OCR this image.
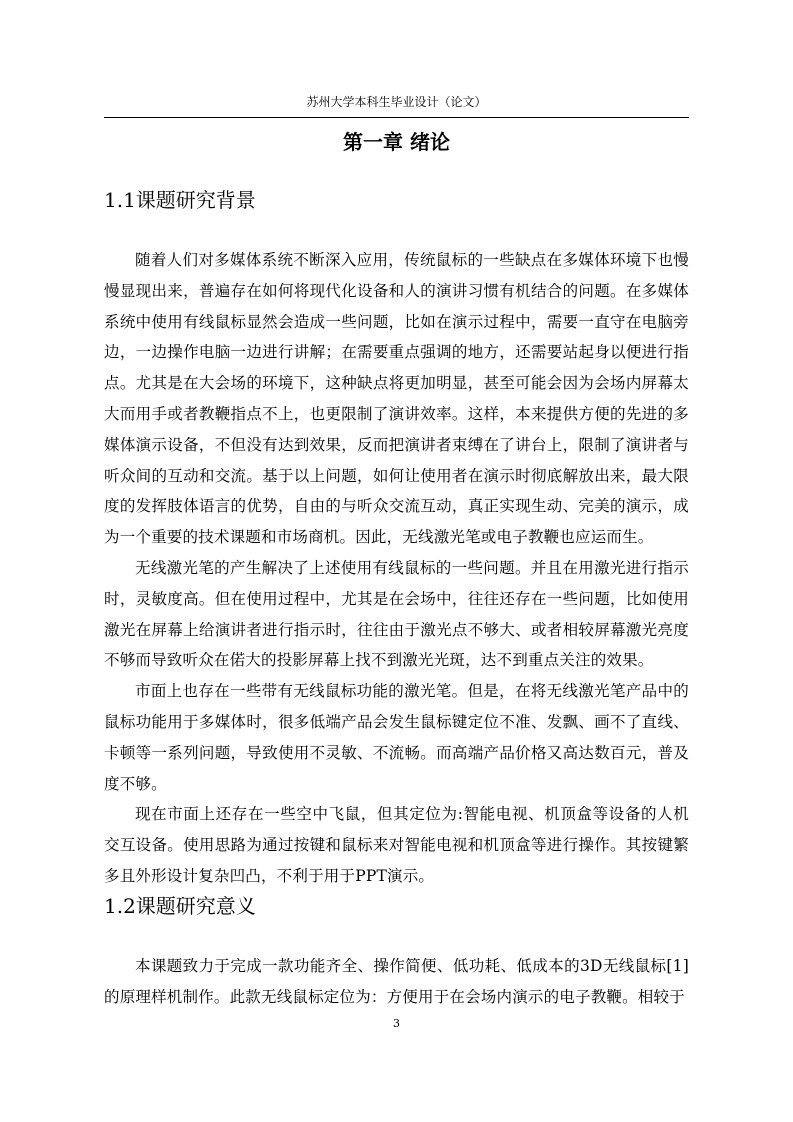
苏州大学本科生毕业设计（论文）
第一章 绪论
1.1课题研究背景

随着人们对多媒体系统不断深入应用，传统鼠标的一些缺点在多媒体环境下也慢慢显现出来，普遍存在如何将现代化设备和人的演讲习惯有机结合的问题。在多媒体系统中使用有线鼠标显然会造成一些问题，比如在演示过程中，需要一直守在电脑旁边，一边操作电脑一边进行讲解；在需要重点强调的地方，还需要站起身以便进行指点。尤其是在大会场的环境下，这种缺点将更加明显，甚至可能会因为会场内屏幕太大而用手或者教鞭指点不上，也更限制了演讲效率。这样，本来提供方便的先进的多媒体演示设备，不但没有达到效果，反而把演讲者束缚在了讲台上，限制了演讲者与听众间的互动和交流。基于以上问题，如何让使用者在演示时彻底解放出来，最大限度的发挥肢体语言的优势，自由的与听众交流互动，真正实现生动、完美的演示，成为一个重要的技术课题和市场商机。因此，无线激光笔或电子教鞭也应运而生。

无线激光笔的产生解决了上述使用有线鼠标的一些问题。并且在用激光进行指示时，灵敏度高。但在使用过程中，尤其是在会场中，往往还存在一些问题，比如使用激光在屏幕上给演讲者进行指示时，往往由于激光点不够大、或者相较屏幕激光亮度不够而导致听众在偌大的投影屏幕上找不到激光光斑，达不到重点关注的效果。

市面上也存在一些带有无线鼠标功能的激光笔。但是，在将无线激光笔产品中的鼠标功能用于多媒体时，很多低端产品会发生鼠标键定位不准、发飘、画不了直线、卡顿等一系列问题，导致使用不灵敏、不流畅。而高端产品价格又高达数百元，普及度不够。

现在市面上还存在一些空中飞鼠，但其定位为:智能电视、机顶盒等设备的人机交互设备。使用思路为通过按键和鼠标来对智能电视和机顶盒等进行操作。其按键繁多且外形设计复杂凹凸，不利于用于PPT演示。

1.2课题研究意义

本课题致力于完成一款功能齐全、操作简便、低功耗、低成本的3D无线鼠标[1]的原理样机制作。此款无线鼠标定位为：方便用于在会场内演示的电子教鞭。相较于

3
